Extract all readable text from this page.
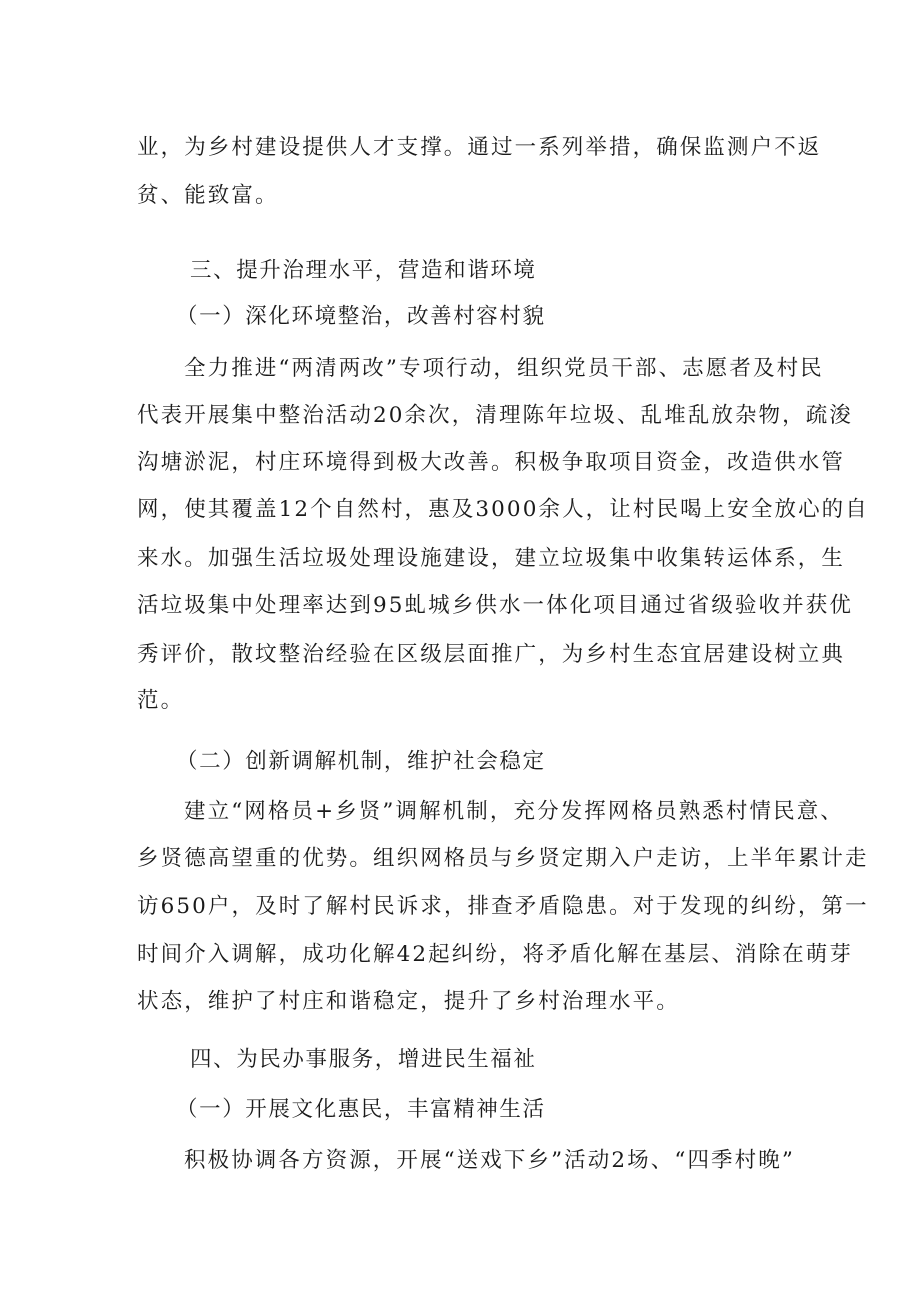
业，为乡村建设提供人才支撑。通过一系列举措，确保监测户不返
贫、能致富。
三、提升治理水平，营造和谐环境
（一）深化环境整治，改善村容村貌
全力推进“两清两改”专项行动，组织党员干部、志愿者及村民
代表开展集中整治活动20余次，清理陈年垃圾、乱堆乱放杂物，疏浚
沟塘淤泥，村庄环境得到极大改善。积极争取项目资金，改造供水管
网，使其覆盖12个自然村，惠及3000余人，让村民喝上安全放心的自
来水。加强生活垃圾处理设施建设，建立垃圾集中收集转运体系，生
活垃圾集中处理率达到95虬城乡供水一体化项目通过省级验收并获优
秀评价，散坟整治经验在区级层面推广，为乡村生态宜居建设树立典
范。
（二）创新调解机制，维护社会稳定
建立“网格员+乡贤”调解机制，充分发挥网格员熟悉村情民意、
乡贤德高望重的优势。组织网格员与乡贤定期入户走访，上半年累计走
访650户，及时了解村民诉求，排查矛盾隐患。对于发现的纠纷，第一
时间介入调解，成功化解42起纠纷，将矛盾化解在基层、消除在萌芽
状态，维护了村庄和谐稳定，提升了乡村治理水平。
四、为民办事服务，增进民生福祉
（一）开展文化惠民，丰富精神生活
积极协调各方资源，开展“送戏下乡”活动2场、“四季村晚”
